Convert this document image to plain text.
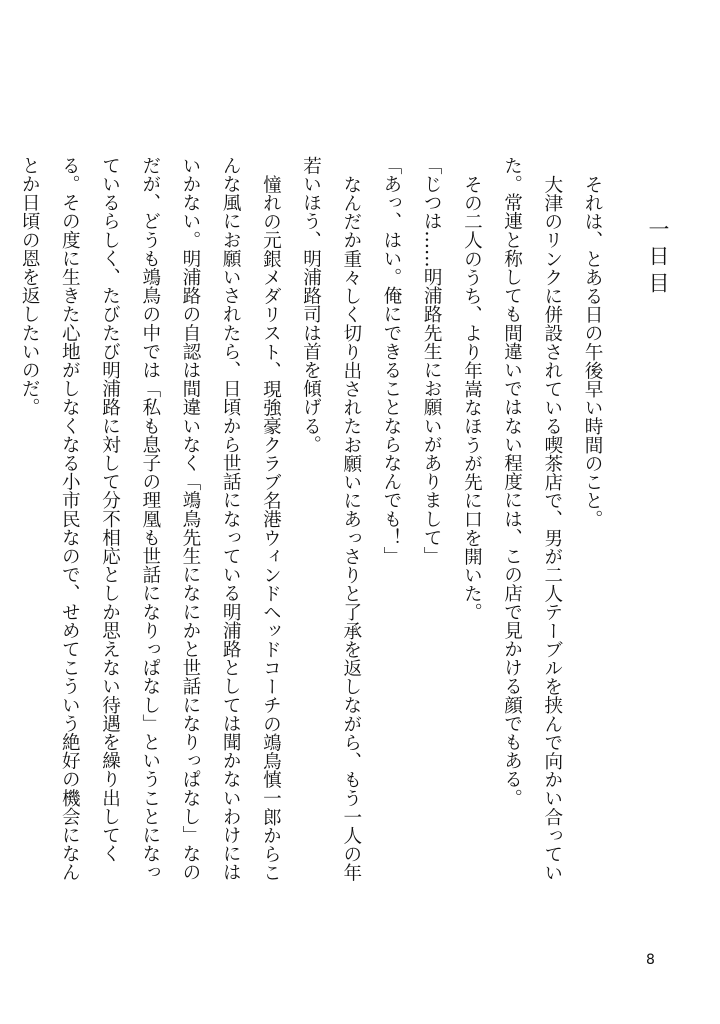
一日目

それは、とある日の午後早い時間のこと。

大津のリンクに併設されている喫茶店で、男が二人テーブルを挟んで向かい合っていた。常連と称しても間違いではない程度には、この店で見かける顔でもある。

その二人のうち、より年嵩なほうが先に口を開いた。

「じつは……明浦路先生にお願いがありまして」

「あっ、はい。俺にできることならなんでも！」

なんだか重々しく切り出されたお願いにあっさりと了承を返しながら、もう一人の年若いほう、明浦路司は首を傾げる。

憧れの元銀メダリスト、現強豪クラブ名港ウィンドヘッドコーチの鴗鳥慎一郎からこんな風にお願いされたら、日頃から世話になっている明浦路としては聞かないわけにはいかない。明浦路の自認は間違いなく「鴗鳥先生になにかと世話になりっぱなし」なのだが、どうも鴗鳥の中では「私も息子の理凰も世話になりっぱなし」ということになっているらしく、たびたび明浦路に対して分不相応としか思えない待遇を繰り出してくる。その度に生きた心地がしなくなる小市民なので、せめてこういう絶好の機会になんとか日頃の恩を返したいのだ。

8
